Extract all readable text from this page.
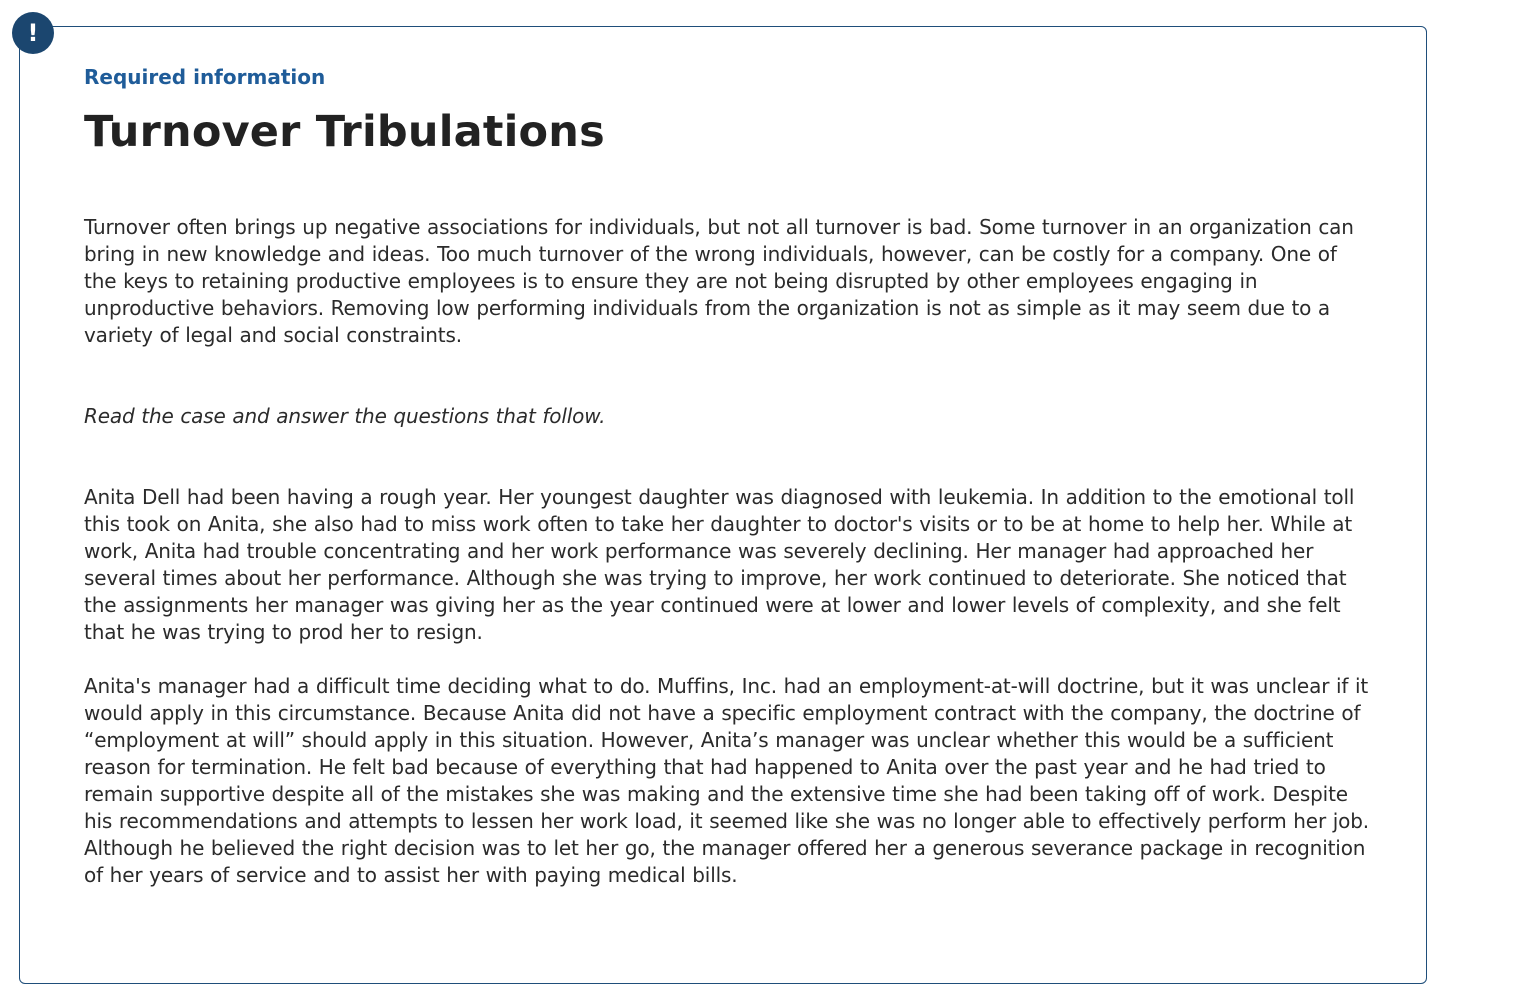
!
Required information
Turnover Tribulations

Turnover often brings up negative associations for individuals, but not all turnover is bad. Some turnover in an organization can bring in new knowledge and ideas. Too much turnover of the wrong individuals, however, can be costly for a company. One of the keys to retaining productive employees is to ensure they are not being disrupted by other employees engaging in unproductive behaviors. Removing low performing individuals from the organization is not as simple as it may seem due to a variety of legal and social constraints.

Read the case and answer the questions that follow.

Anita Dell had been having a rough year. Her youngest daughter was diagnosed with leukemia. In addition to the emotional toll this took on Anita, she also had to miss work often to take her daughter to doctor's visits or to be at home to help her. While at work, Anita had trouble concentrating and her work performance was severely declining. Her manager had approached her several times about her performance. Although she was trying to improve, her work continued to deteriorate. She noticed that the assignments her manager was giving her as the year continued were at lower and lower levels of complexity, and she felt that he was trying to prod her to resign.

Anita's manager had a difficult time deciding what to do. Muffins, Inc. had an employment-at-will doctrine, but it was unclear if it would apply in this circumstance. Because Anita did not have a specific employment contract with the company, the doctrine of “employment at will” should apply in this situation. However, Anita’s manager was unclear whether this would be a sufficient reason for termination. He felt bad because of everything that had happened to Anita over the past year and he had tried to remain supportive despite all of the mistakes she was making and the extensive time she had been taking off of work. Despite his recommendations and attempts to lessen her work load, it seemed like she was no longer able to effectively perform her job. Although he believed the right decision was to let her go, the manager offered her a generous severance package in recognition of her years of service and to assist her with paying medical bills.
